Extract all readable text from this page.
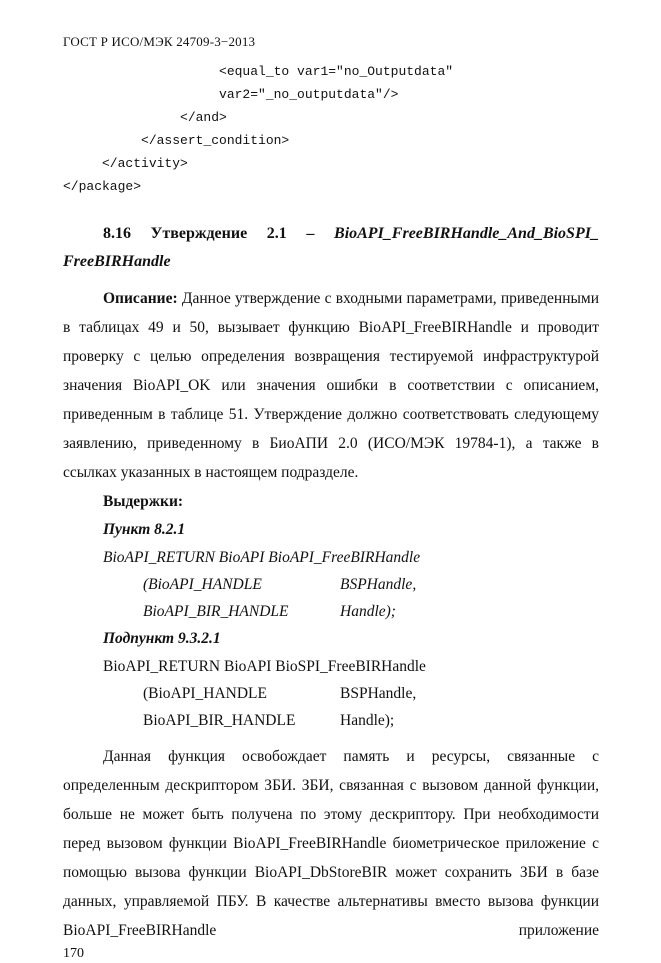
ГОСТ Р ИСО/МЭК 24709-3−2013
<equal_to var1="no_Outputdata"
var2="_no_outputdata"/>
</and>
</assert_condition>
</activity>
</package>
8.16 Утверждение 2.1 – BioAPI_FreeBIRHandle_And_BioSPI_
FreeBIRHandle

Описание: Данное утверждение с входными параметрами, приведенными в таблицах 49 и 50, вызывает функцию BioAPI_FreeBIRHandle и проводит проверку с целью определения возвращения тестируемой инфраструктурой значения BioAPI_OK или значения ошибки в соответствии с описанием, приведенным в таблице 51. Утверждение должно соответствовать следующему заявлению, приведенному в БиоАПИ 2.0 (ИСО/МЭК 19784-1), а также в ссылках указанных в настоящем подразделе.

Выдержки:

Пункт 8.2.1

BioAPI_RETURN BioAPI BioAPI_FreeBIRHandle
(BioAPI_HANDLE	BSPHandle,
BioAPI_BIR_HANDLE	Handle);

Подпункт 9.3.2.1

BioAPI_RETURN BioAPI BioSPI_FreeBIRHandle
(BioAPI_HANDLE	BSPHandle,
BioAPI_BIR_HANDLE	Handle);

Данная функция освобождает память и ресурсы, связанные с определенным дескриптором ЗБИ. ЗБИ, связанная с вызовом данной функции, больше не может быть получена по этому дескриптору. При необходимости перед вызовом функции BioAPI_FreeBIRHandle биометрическое приложение с помощью вызова функции BioAPI_DbStoreBIR может сохранить ЗБИ в базе данных, управляемой ПБУ. В качестве альтернативы вместо вызова функции BioAPI_FreeBIRHandle приложение

170
